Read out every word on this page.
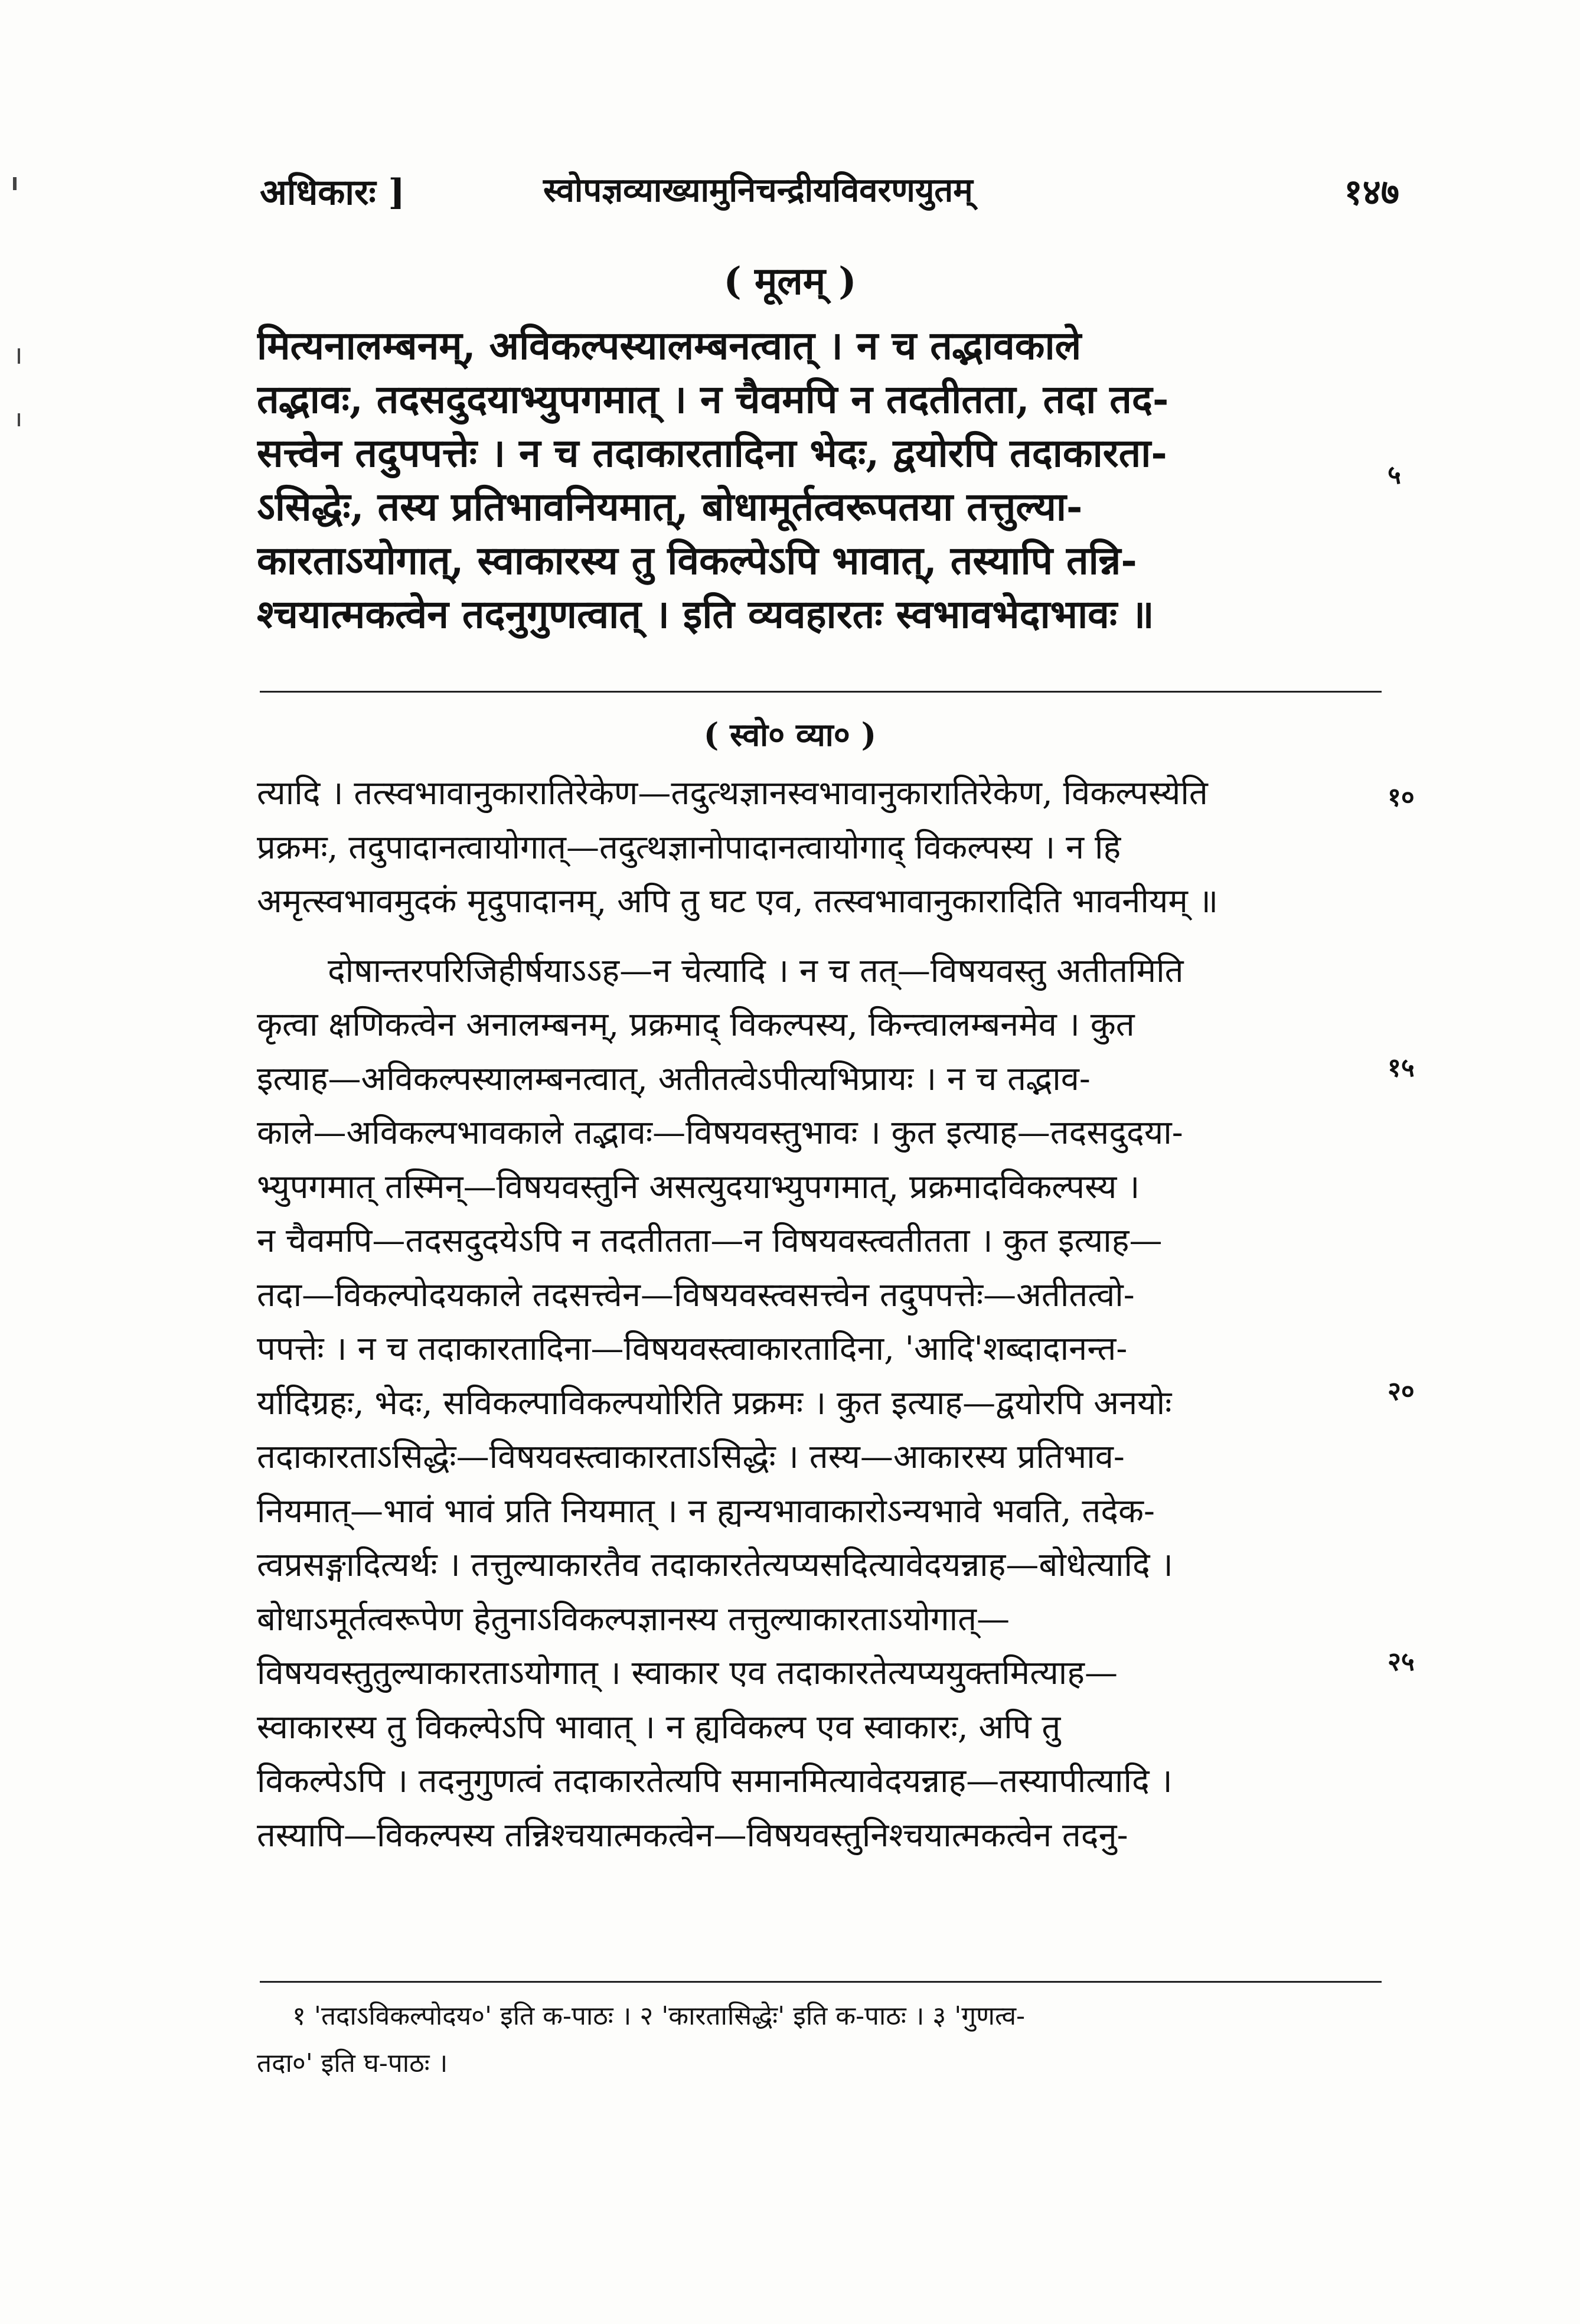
अधिकारः ]	स्वोपज्ञव्याख्यामुनिचन्द्रीयविवरणयुतम्	१४७
( मूलम् )
मित्यनालम्बनम्, अविकल्पस्यालम्बनत्वात् । न च तद्भावकाले
तद्भावः, तदसदुदयाभ्युपगमात् । न चैवमपि न तदतीतता, तदा तद-
सत्त्वेन तदुपपत्तेः । न च तदाकारतादिना भेदः, द्वयोरपि तदाकारता-
ऽसिद्धेः, तस्य प्रतिभावनियमात्, बोधामूर्तत्वरूपतया तत्तुल्या-
कारताऽयोगात्, स्वाकारस्य तु विकल्पेऽपि भावात्, तस्यापि तन्नि-
श्चयात्मकत्वेन तदनुगुणत्वात् । इति व्यवहारतः स्वभावभेदाभावः ॥
५
( स्वो० व्या० )
त्यादि । तत्स्वभावानुकारातिरेकेण—तदुत्थज्ञानस्वभावानुकारातिरेकेण, विकल्पस्येति
प्रक्रमः, तदुपादानत्वायोगात्—तदुत्थज्ञानोपादानत्वायोगाद् विकल्पस्य । न हि
अमृत्स्वभावमुदकं मृदुपादानम्, अपि तु घट एव, तत्स्वभावानुकारादिति भावनीयम् ॥
दोषान्तरपरिजिहीर्षयाऽऽह—न चेत्यादि । न च तत्—विषयवस्तु अतीतमिति
कृत्वा क्षणिकत्वेन अनालम्बनम्, प्रक्रमाद् विकल्पस्य, किन्त्वालम्बनमेव । कुत
इत्याह—अविकल्पस्यालम्बनत्वात्, अतीतत्वेऽपीत्यभिप्रायः । न च तद्भाव-
काले—अविकल्पभावकाले तद्भावः—विषयवस्तुभावः । कुत इत्याह—तदसदुदया-
भ्युपगमात् तस्मिन्—विषयवस्तुनि असत्युदयाभ्युपगमात्, प्रक्रमादविकल्पस्य ।
न चैवमपि—तदसदुदयेऽपि न तदतीतता—न विषयवस्त्वतीतता । कुत इत्याह—
तदा—विकल्पोदयकाले तदसत्त्वेन—विषयवस्त्वसत्त्वेन तदुपपत्तेः—अतीतत्वो-
पपत्तेः । न च तदाकारतादिना—विषयवस्त्वाकारतादिना, 'आदि'शब्दादानन्त-
र्यादिग्रहः, भेदः, सविकल्पाविकल्पयोरिति प्रक्रमः । कुत इत्याह—द्वयोरपि अनयोः
तदाकारताऽसिद्धेः—विषयवस्त्वाकारताऽसिद्धेः । तस्य—आकारस्य प्रतिभाव-
नियमात्—भावं भावं प्रति नियमात् । न ह्यन्यभावाकारोऽन्यभावे भवति, तदेक-
त्वप्रसङ्गादित्यर्थः । तत्तुल्याकारतैव तदाकारतेत्यप्यसदित्यावेदयन्नाह—बोधेत्यादि ।
बोधाऽमूर्तत्वरूपेण हेतुनाऽविकल्पज्ञानस्य तत्तुल्याकारताऽयोगात्—
विषयवस्तुतुल्याकारताऽयोगात् । स्वाकार एव तदाकारतेत्यप्ययुक्तमित्याह—
स्वाकारस्य तु विकल्पेऽपि भावात् । न ह्यविकल्प एव स्वाकारः, अपि तु
विकल्पेऽपि । तदनुगुणत्वं तदाकारतेत्यपि समानमित्यावेदयन्नाह—तस्यापीत्यादि ।
तस्यापि—विकल्पस्य तन्निश्चयात्मकत्वेन—विषयवस्तुनिश्चयात्मकत्वेन तदनु-
१०
१५
२०
२५
१ 'तदाऽविकल्पोदय०' इति क-पाठः । २ 'कारतासिद्धेः' इति क-पाठः । ३ 'गुणत्व-
तदा०' इति घ-पाठः ।
